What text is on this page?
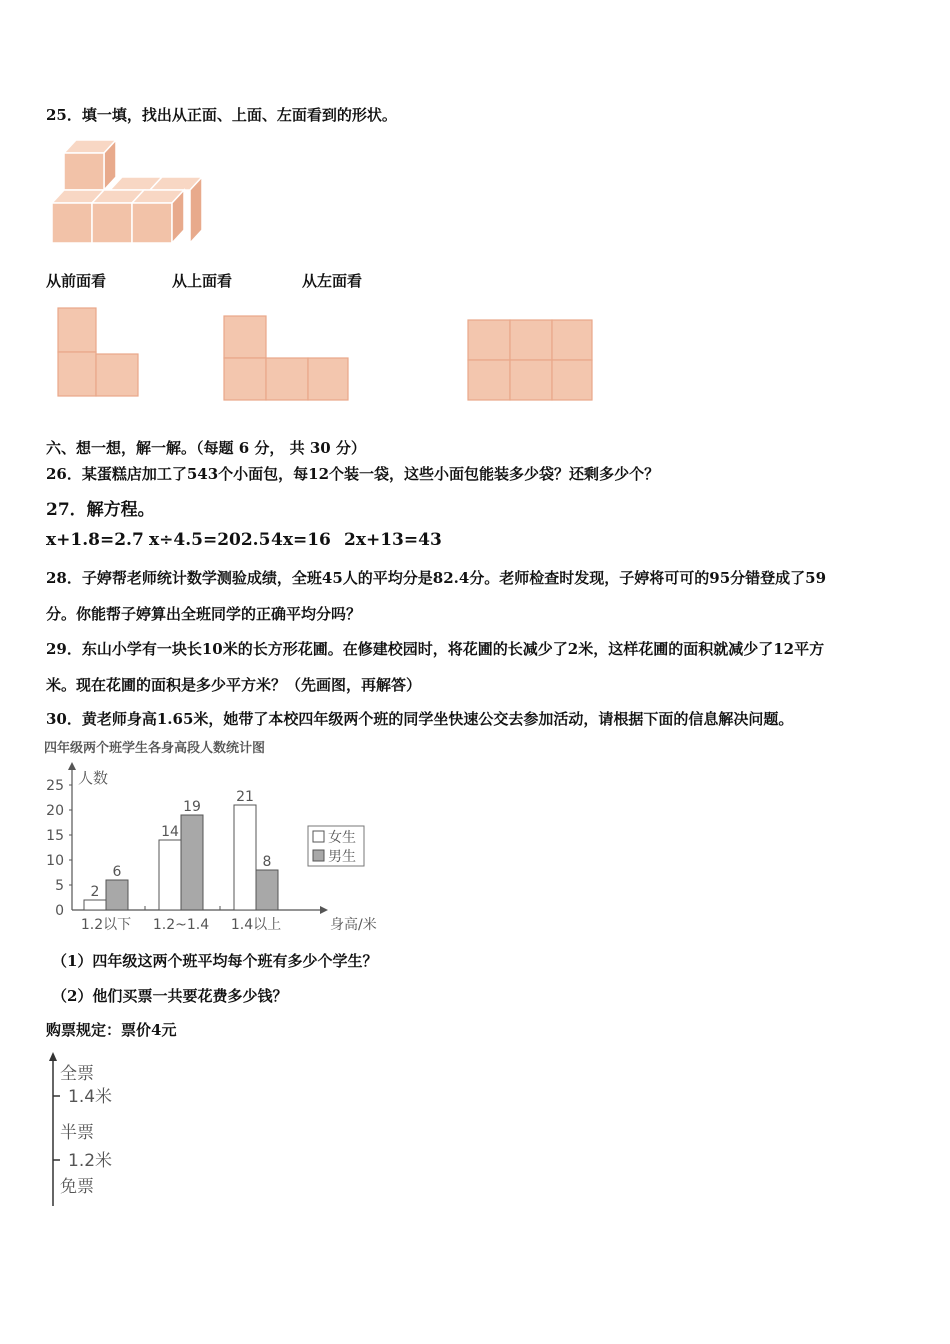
25．填一填，找出从正面、上面、左面看到的形状。
从前面看	从上面看	从左面看
六、想一想，解一解。（每题 6 分， 共 30 分）
26．某蛋糕店加工了543个小面包，每12个装一袋，这些小面包能装多少袋？还剩多少个？
27．解方程。
x+1.8=2.7 x÷4.5=202.5 4x=16 2x+13=43
28．子婷帮老师统计数学测验成绩，全班45人的平均分是82.4分。老师检查时发现，子婷将可可的95分错登成了59
分。你能帮子婷算出全班同学的正确平均分吗？
29．东山小学有一块长10米的长方形花圃。在修建校园时，将花圃的长减少了2米，这样花圃的面积就减少了12平方
米。现在花圃的面积是多少平方米？（先画图，再解答）
30．黄老师身高1.65米，她带了本校四年级两个班的同学坐快速公交去参加活动，请根据下面的信息解决问题。
四年级两个班学生各身高段人数统计图
人数
身高/米
0
5
10
15
20
25
2
6
1.2以下
14
19
1.2~1.4
21
8
1.4以上
女生
男生
（1）四年级这两个班平均每个班有多少个学生？
（2）他们买票一共要花费多少钱？
购票规定：票价4元
全票
1.4米
半票
1.2米
免票
